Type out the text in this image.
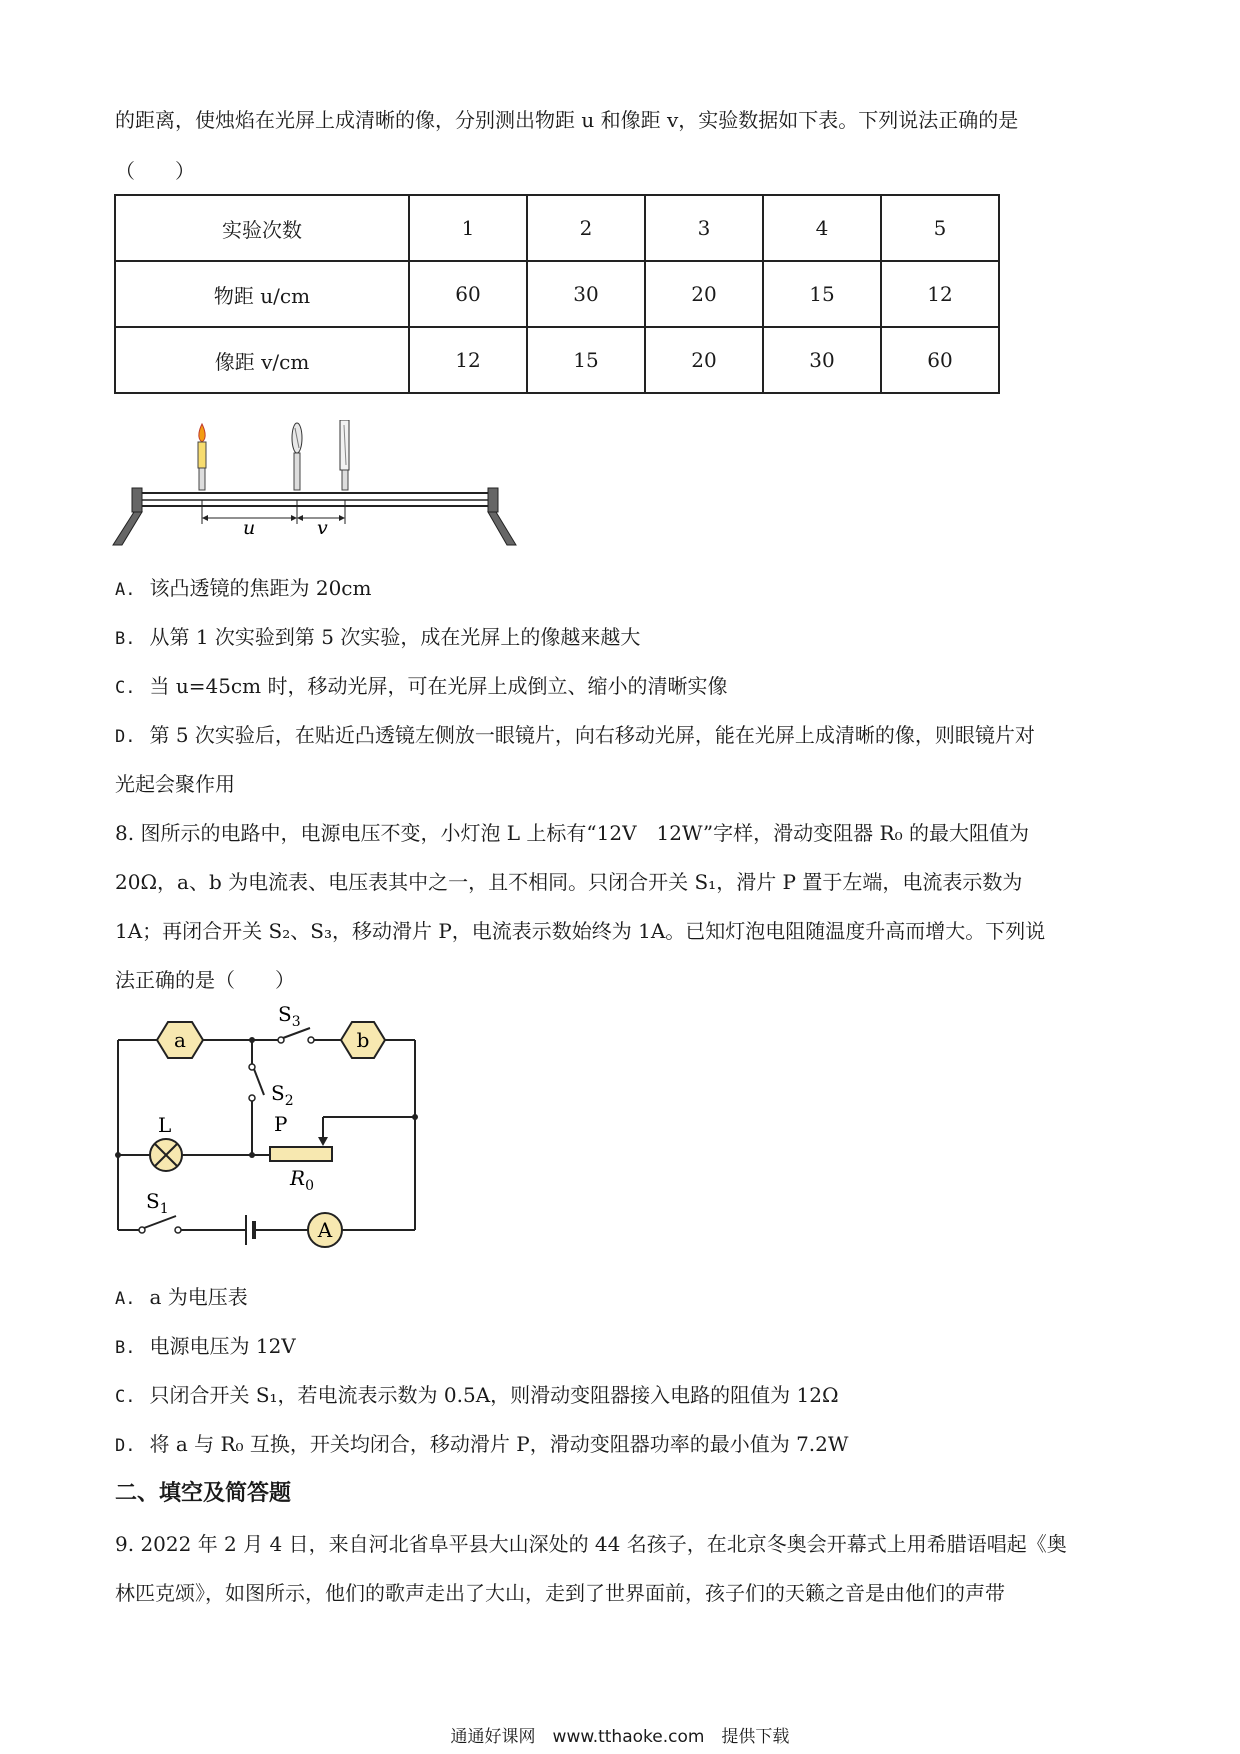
的距离，使烛焰在光屏上成清晰的像，分别测出物距 u 和像距 v，实验数据如下表。下列说法正确的是
（　　）
实验次数	1	2	3	4	5
物距 u/cm	60	30	20	15	12
像距 v/cm	12	15	20	30	60
u	v
A. 该凸透镜的焦距为 20cm
B. 从第 1 次实验到第 5 次实验，成在光屏上的像越来越大
C. 当 u=45cm 时，移动光屏，可在光屏上成倒立、缩小的清晰实像
D. 第 5 次实验后，在贴近凸透镜左侧放一眼镜片，向右移动光屏，能在光屏上成清晰的像，则眼镜片对
光起会聚作用
8. 图所示的电路中，电源电压不变，小灯泡 L 上标有“12V　12W”字样，滑动变阻器 R₀ 的最大阻值为
20Ω，a、b 为电流表、电压表其中之一，且不相同。只闭合开关 S₁，滑片 P 置于左端，电流表示数为
1A；再闭合开关 S₂、S₃，移动滑片 P，电流表示数始终为 1A。已知灯泡电阻随温度升高而增大。下列说
法正确的是（　　）
a	b
$S_3$
$S_2$
L	P
$R_0$
$S_1$
A
A. a 为电压表
B. 电源电压为 12V
C. 只闭合开关 S₁，若电流表示数为 0.5A，则滑动变阻器接入电路的阻值为 12Ω
D. 将 a 与 R₀ 互换，开关均闭合，移动滑片 P，滑动变阻器功率的最小值为 7.2W
二、填空及简答题
9. 2022 年 2 月 4 日，来自河北省阜平县大山深处的 44 名孩子，在北京冬奥会开幕式上用希腊语唱起《奥
林匹克颂》，如图所示，他们的歌声走出了大山，走到了世界面前，孩子们的天籁之音是由他们的声带
通通好课网　www.tthaoke.com　提供下载
